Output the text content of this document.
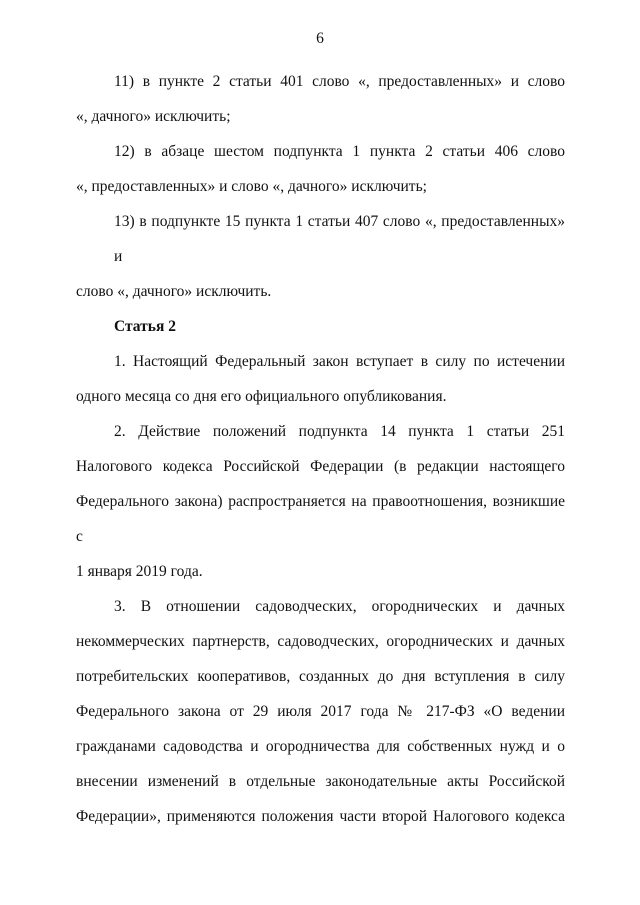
6

11) в пункте 2 статьи 401 слово «, предоставленных» и слово
«, дачного» исключить;

12) в абзаце шестом подпункта 1 пункта 2 статьи 406 слово
«, предоставленных» и слово «, дачного» исключить;

13) в подпункте 15 пункта 1 статьи 407 слово «, предоставленных» и
слово «, дачного» исключить.

Статья 2

1. Настоящий Федеральный закон вступает в силу по истечении
одного месяца со дня его официального опубликования.

2. Действие положений подпункта 14 пункта 1 статьи 251
Налогового кодекса Российской Федерации (в редакции настоящего
Федерального закона) распространяется на правоотношения, возникшие с
1 января 2019 года.

3. В отношении садоводческих, огороднических и дачных
некоммерческих партнерств, садоводческих, огороднических и дачных
потребительских кооперативов, созданных до дня вступления в силу
Федерального закона от 29 июля 2017 года № 217-ФЗ «О ведении
гражданами садоводства и огородничества для собственных нужд и о
внесении изменений в отдельные законодательные акты Российской
Федерации», применяются положения части второй Налогового кодекса
